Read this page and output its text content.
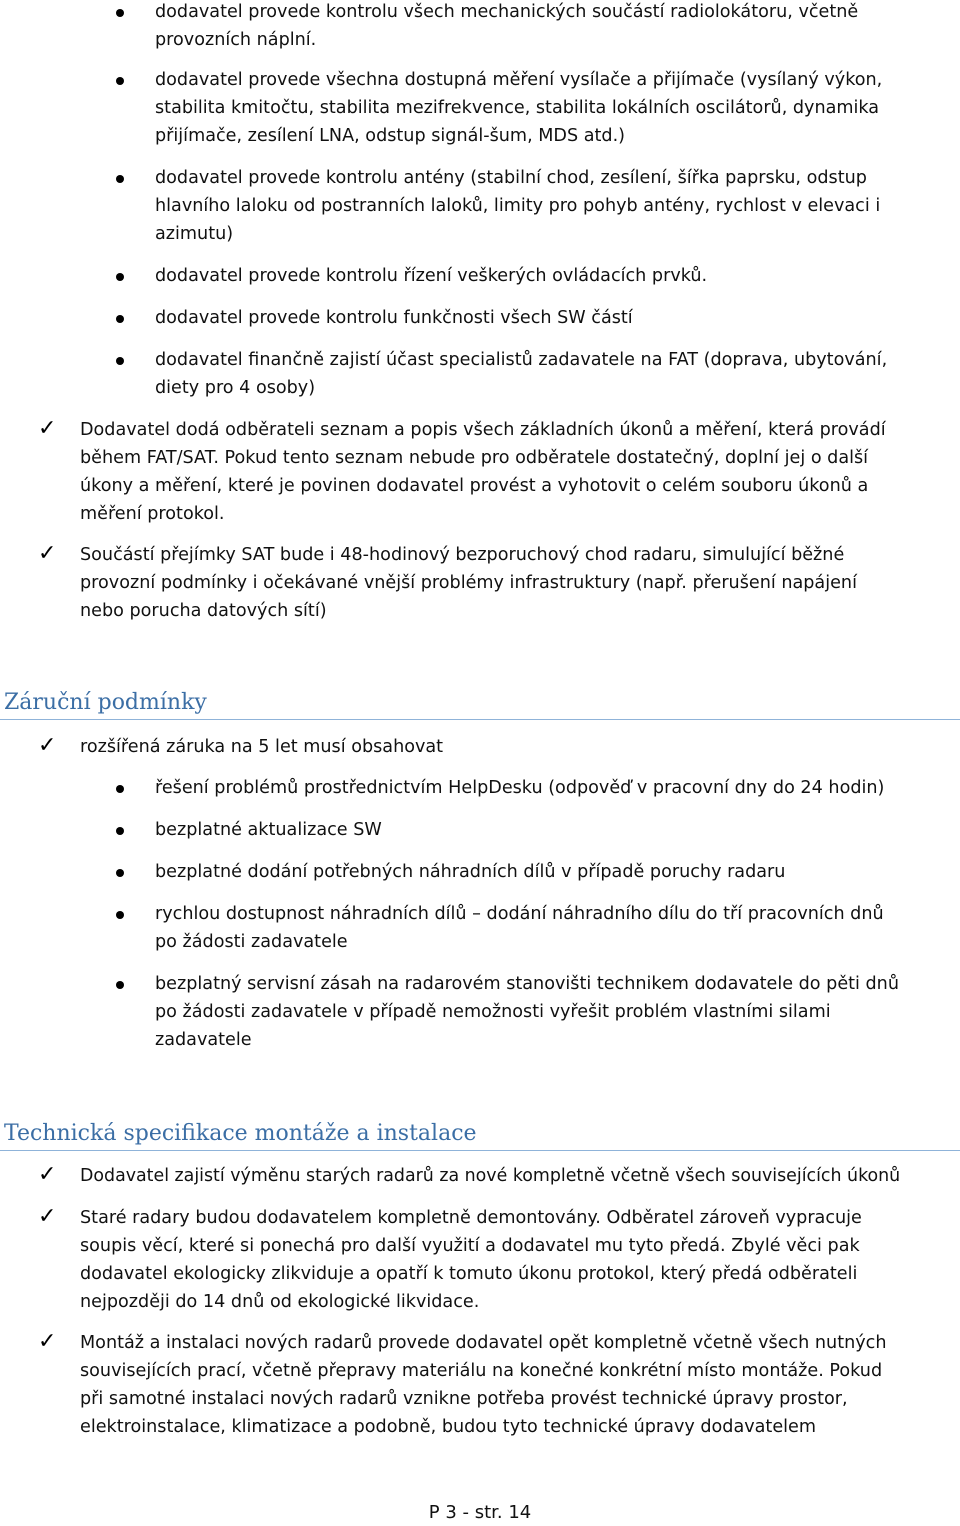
dodavatel provede kontrolu všech mechanických součástí radiolokátoru, včetně
provozních náplní.
dodavatel provede všechna dostupná měření vysílače a přijímače (vysílaný výkon,
stabilita kmitočtu, stabilita mezifrekvence, stabilita lokálních oscilátorů, dynamika
přijímače, zesílení LNA, odstup signál-šum, MDS atd.)
dodavatel provede kontrolu antény (stabilní chod, zesílení, šířka paprsku, odstup
hlavního laloku od postranních laloků, limity pro pohyb antény, rychlost v elevaci i
azimutu)
dodavatel provede kontrolu řízení veškerých ovládacích prvků.
dodavatel provede kontrolu funkčnosti všech SW částí
dodavatel finančně zajistí účast specialistů zadavatele na FAT (doprava, ubytování,
diety pro 4 osoby)
✓ Dodavatel dodá odběrateli seznam a popis všech základních úkonů a měření, která provádí
během FAT/SAT. Pokud tento seznam nebude pro odběratele dostatečný, doplní jej o další
úkony a měření, které je povinen dodavatel provést a vyhotovit o celém souboru úkonů a
měření protokol.
✓ Součástí přejímky SAT bude i 48-hodinový bezporuchový chod radaru, simulující běžné
provozní podmínky i očekávané vnější problémy infrastruktury (např. přerušení napájení
nebo porucha datových sítí)
Záruční podmínky
✓ rozšířená záruka na 5 let musí obsahovat
řešení problémů prostřednictvím HelpDesku (odpověď v pracovní dny do 24 hodin)
bezplatné aktualizace SW
bezplatné dodání potřebných náhradních dílů v případě poruchy radaru
rychlou dostupnost náhradních dílů – dodání náhradního dílu do tří pracovních dnů
po žádosti zadavatele
bezplatný servisní zásah na radarovém stanovišti technikem dodavatele do pěti dnů
po žádosti zadavatele v případě nemožnosti vyřešit problém vlastními silami
zadavatele
Technická specifikace montáže a instalace
✓ Dodavatel zajistí výměnu starých radarů za nové kompletně včetně všech souvisejících úkonů
✓ Staré radary budou dodavatelem kompletně demontovány. Odběratel zároveň vypracuje
soupis věcí, které si ponechá pro další využití a dodavatel mu tyto předá. Zbylé věci pak
dodavatel ekologicky zlikviduje a opatří k tomuto úkonu protokol, který předá odběrateli
nejpozději do 14 dnů od ekologické likvidace.
✓ Montáž a instalaci nových radarů provede dodavatel opět kompletně včetně všech nutných
souvisejících prací, včetně přepravy materiálu na konečné konkrétní místo montáže. Pokud
při samotné instalaci nových radarů vznikne potřeba provést technické úpravy prostor,
elektroinstalace, klimatizace a podobně, budou tyto technické úpravy dodavatelem
P 3 - str. 14
